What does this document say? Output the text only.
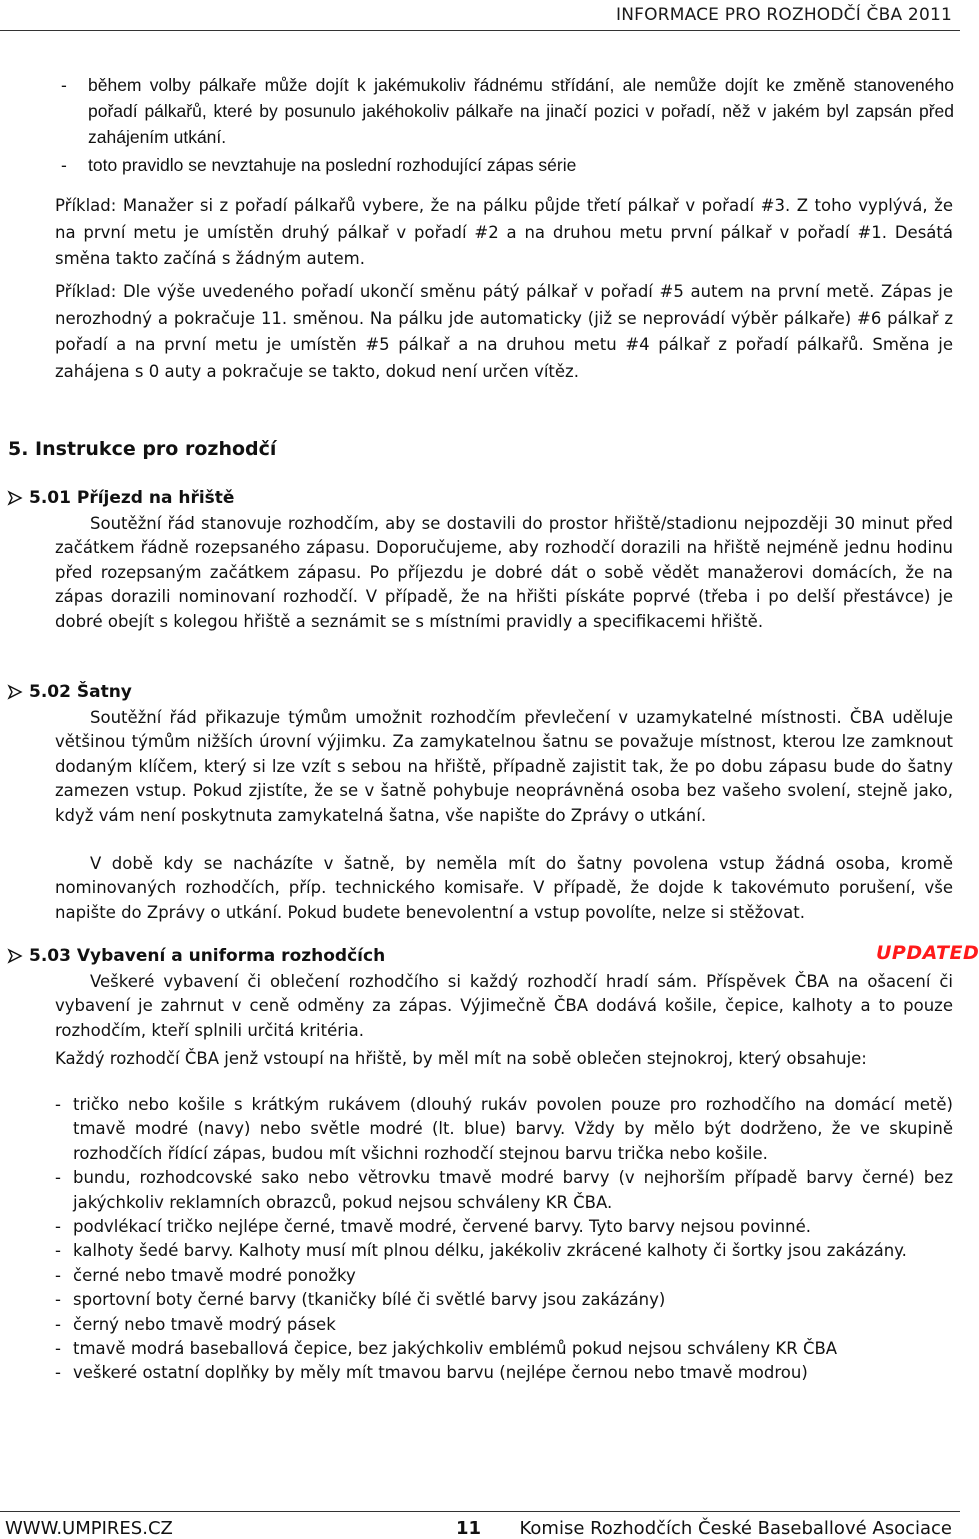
INFORMACE PRO ROZHODČÍ ČBA 2011
- během volby pálkaře může dojít k jakémukoliv řádnému střídání, ale nemůže dojít ke změně stanoveného pořadí pálkařů, které by posunulo jakéhokoliv pálkaře na jinačí pozici v pořadí, něž v jakém byl zapsán před zahájením utkání.
- toto pravidlo se nevztahuje na poslední rozhodující zápas série
Příklad: Manažer si z pořadí pálkařů vybere, že na pálku půjde třetí pálkař v pořadí #3. Z toho vyplývá, že na první metu je umístěn druhý pálkař v pořadí #2 a na druhou metu první pálkař v pořadí #1. Desátá směna takto začíná s žádným autem.
Příklad: Dle výše uvedeného pořadí ukončí směnu pátý pálkař v pořadí #5 autem na první metě. Zápas je nerozhodný a pokračuje 11. směnou. Na pálku jde automaticky (již se neprovádí výběr pálkaře) #6 pálkař z pořadí a na první metu je umístěn #5 pálkař a na druhou metu #4 pálkař z pořadí pálkařů. Směna je zahájena s 0 auty a pokračuje se takto, dokud není určen vítěz.
5. Instrukce pro rozhodčí
5.01 Příjezd na hřiště
Soutěžní řád stanovuje rozhodčím, aby se dostavili do prostor hřiště/stadionu nejpozději 30 minut před začátkem řádně rozepsaného zápasu. Doporučujeme, aby rozhodčí dorazili na hřiště nejméně jednu hodinu před rozepsaným začátkem zápasu. Po příjezdu je dobré dát o sobě vědět manažerovi domácích, že na zápas dorazili nominovaní rozhodčí. V případě, že na hřišti pískáte poprvé (třeba i po delší přestávce) je dobré obejít s kolegou hřiště a seznámit se s místními pravidly a specifikacemi hřiště.
5.02 Šatny
Soutěžní řád přikazuje týmům umožnit rozhodčím převlečení v uzamykatelné místnosti. ČBA uděluje většinou týmům nižších úrovní výjimku. Za zamykatelnou šatnu se považuje místnost, kterou lze zamknout dodaným klíčem, který si lze vzít s sebou na hřiště, případně zajistit tak, že po dobu zápasu bude do šatny zamezen vstup. Pokud zjistíte, že se v šatně pohybuje neoprávněná osoba bez vašeho svolení, stejně jako, když vám není poskytnuta zamykatelná šatna, vše napište do Zprávy o utkání.
V době kdy se nacházíte v šatně, by neměla mít do šatny povolena vstup žádná osoba, kromě nominovaných rozhodčích, příp. technického komisaře. V případě, že dojde k takovémuto porušení, vše napište do Zprávy o utkání. Pokud budete benevolentní a vstup povolíte, nelze si stěžovat.
5.03 Vybavení a uniforma rozhodčích	UPDATED
Veškeré vybavení či oblečení rozhodčího si každý rozhodčí hradí sám. Příspěvek ČBA na ošacení či vybavení je zahrnut v ceně odměny za zápas. Výjimečně ČBA dodává košile, čepice, kalhoty a to pouze rozhodčím, kteří splnili určitá kritéria.
Každý rozhodčí ČBA jenž vstoupí na hřiště, by měl mít na sobě oblečen stejnokroj, který obsahuje:
- tričko nebo košile s krátkým rukávem (dlouhý rukáv povolen pouze pro rozhodčího na domácí metě) tmavě modré (navy) nebo světle modré (lt. blue) barvy. Vždy by mělo být dodrženo, že ve skupině rozhodčích řídící zápas, budou mít všichni rozhodčí stejnou barvu trička nebo košile.
- bundu, rozhodcovské sako nebo větrovku tmavě modré barvy (v nejhorším případě barvy černé) bez jakýchkoliv reklamních obrazců, pokud nejsou schváleny KR ČBA.
- podvlékací tričko nejlépe černé, tmavě modré, červené barvy. Tyto barvy nejsou povinné.
- kalhoty šedé barvy. Kalhoty musí mít plnou délku, jakékoliv zkrácené kalhoty či šortky jsou zakázány.
- černé nebo tmavě modré ponožky
- sportovní boty černé barvy (tkaničky bílé či světlé barvy jsou zakázány)
- černý nebo tmavě modrý pásek
- tmavě modrá baseballová čepice, bez jakýchkoliv emblémů pokud nejsou schváleny KR ČBA
- veškeré ostatní doplňky by měly mít tmavou barvu (nejlépe černou nebo tmavě modrou)
WWW.UMPIRES.CZ	11 Komise Rozhodčích České Baseballové Asociace
